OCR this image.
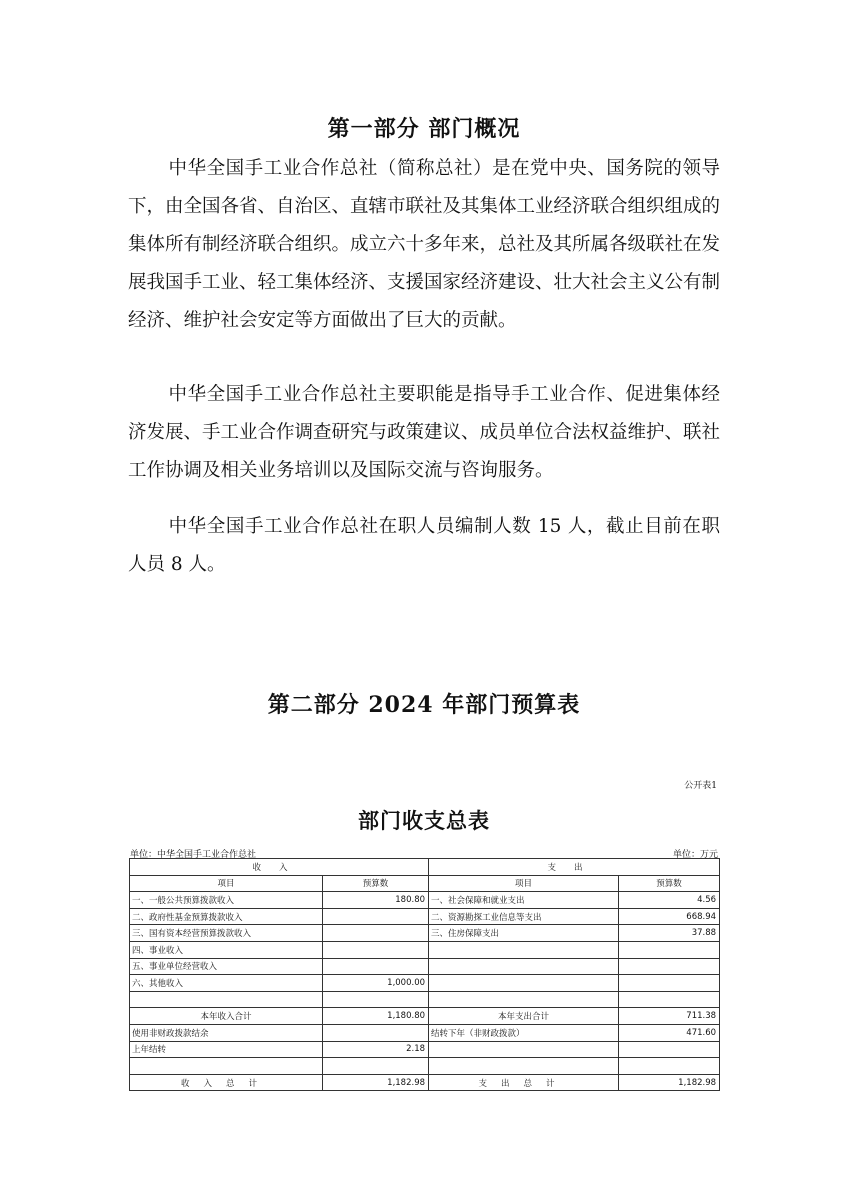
第一部分 部门概况
中华全国手工业合作总社（简称总社）是在党中央、国务院的领导下，由全国各省、自治区、直辖市联社及其集体工业经济联合组织组成的集体所有制经济联合组织。成立六十多年来，总社及其所属各级联社在发展我国手工业、轻工集体经济、支援国家经济建设、壮大社会主义公有制经济、维护社会安定等方面做出了巨大的贡献。
中华全国手工业合作总社主要职能是指导手工业合作、促进集体经济发展、手工业合作调查研究与政策建议、成员单位合法权益维护、联社工作协调及相关业务培训以及国际交流与咨询服务。
中华全国手工业合作总社在职人员编制人数 15 人，截止目前在职人员 8 人。
第二部分 2024 年部门预算表
公开表1
部门收支总表
单位：中华全国手工业合作总社	单位：万元
收入		支出	
项目	预算数	项目	预算数
一、一般公共预算拨款收入	180.80	一、社会保障和就业支出	4.56
二、政府性基金预算拨款收入		二、资源勘探工业信息等支出	668.94
三、国有资本经营预算拨款收入		三、住房保障支出	37.88
四、事业收入			
五、事业单位经营收入			
六、其他收入	1,000.00		

本年收入合计	1,180.80	本年支出合计	711.38
使用非财政拨款结余		结转下年（非财政拨款）	471.60
上年结转	2.18		

收入总计	1,182.98	支出总计	1,182.98
